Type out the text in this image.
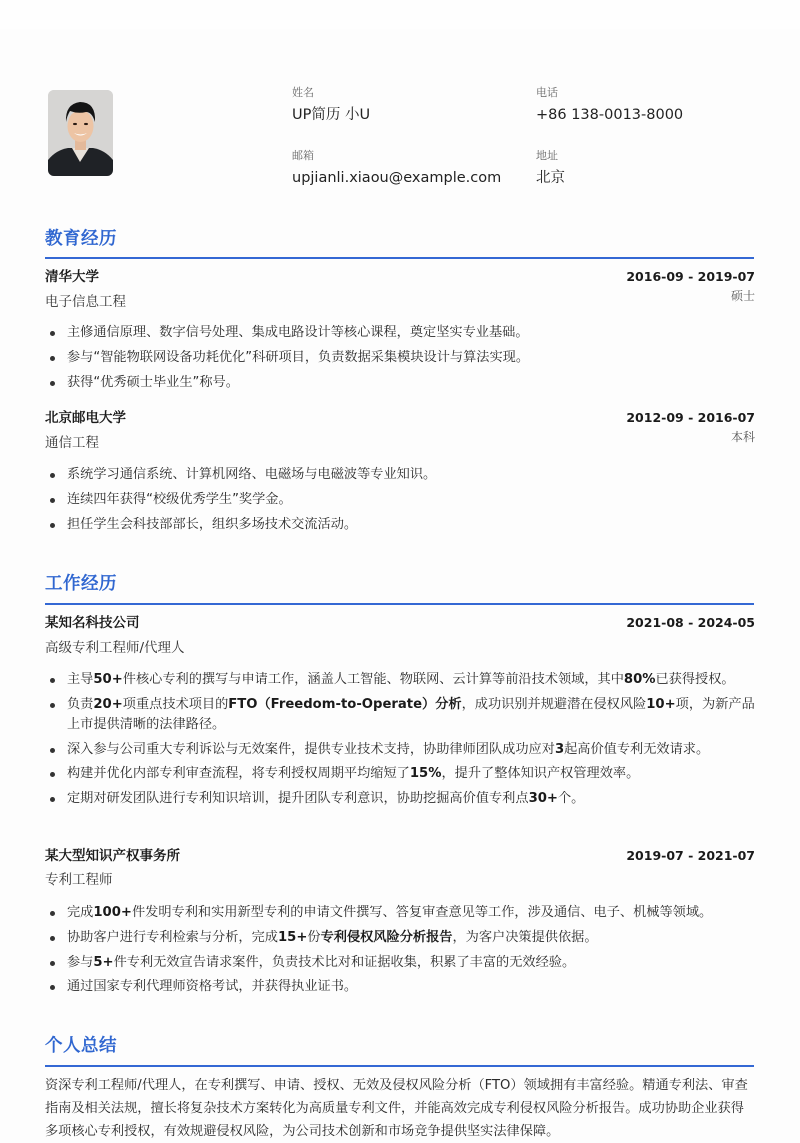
姓名
UP简历 小U
电话
+86 138-0013-8000
邮箱
upjianli.xiaou@example.com
地址
北京
教育经历
清华大学	2016-09 - 2019-07
硕士
电子信息工程
主修通信原理、数字信号处理、集成电路设计等核心课程，奠定坚实专业基础。
参与“智能物联网设备功耗优化”科研项目，负责数据采集模块设计与算法实现。
获得“优秀硕士毕业生”称号。
北京邮电大学	2012-09 - 2016-07
本科
通信工程
系统学习通信系统、计算机网络、电磁场与电磁波等专业知识。
连续四年获得“校级优秀学生”奖学金。
担任学生会科技部部长，组织多场技术交流活动。
工作经历
某知名科技公司	2021-08 - 2024-05
高级专利工程师/代理人
主导50+件核心专利的撰写与申请工作，涵盖人工智能、物联网、云计算等前沿技术领域，其中80%已获得授权。
负责20+项重点技术项目的FTO（Freedom-to-Operate）分析，成功识别并规避潜在侵权风险10+项，为新产品上市提供清晰的法律路径。
深入参与公司重大专利诉讼与无效案件，提供专业技术支持，协助律师团队成功应对3起高价值专利无效请求。
构建并优化内部专利审查流程，将专利授权周期平均缩短了15%，提升了整体知识产权管理效率。
定期对研发团队进行专利知识培训，提升团队专利意识，协助挖掘高价值专利点30+个。
某大型知识产权事务所	2019-07 - 2021-07
专利工程师
完成100+件发明专利和实用新型专利的申请文件撰写、答复审查意见等工作，涉及通信、电子、机械等领域。
协助客户进行专利检索与分析，完成15+份专利侵权风险分析报告，为客户决策提供依据。
参与5+件专利无效宣告请求案件，负责技术比对和证据收集，积累了丰富的无效经验。
通过国家专利代理师资格考试，并获得执业证书。
个人总结
资深专利工程师/代理人，在专利撰写、申请、授权、无效及侵权风险分析（FTO）领域拥有丰富经验。精通专利法、审查指南及相关法规，擅长将复杂技术方案转化为高质量专利文件，并能高效完成专利侵权风险分析报告。成功协助企业获得多项核心专利授权，有效规避侵权风险，为公司技术创新和市场竞争提供坚实法律保障。
